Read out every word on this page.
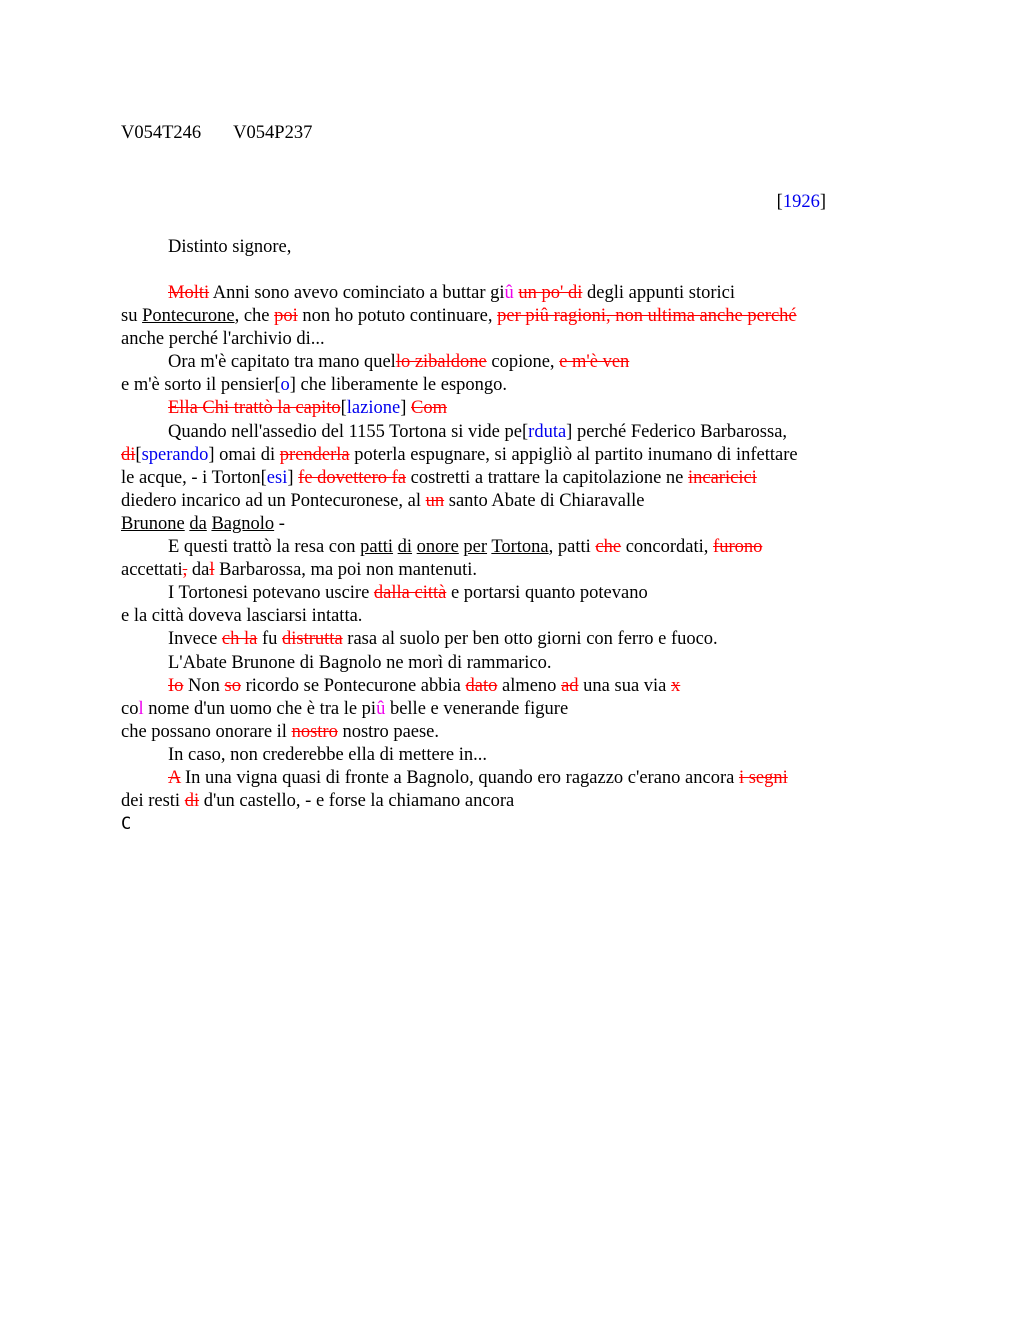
V054T246 V054P237
[1926]
Distinto signore,
Molti Anni sono avevo cominciato a buttar giû un po' di degli appunti storici
su Pontecurone, che poi non ho potuto continuare, per piû ragioni, non ultima anche perché
anche perché l'archivio di...
Ora m'è capitato tra mano quello zibaldone copione, e m'è ven
e m'è sorto il pensier[o] che liberamente le espongo.
Ella Chi trattò la capito[lazione] Com
Quando nell'assedio del 1155 Tortona si vide pe[rduta] perché Federico Barbarossa,
di[sperando] omai di prenderla poterla espugnare, si appigliò al partito inumano di infettare
le acque, - i Torton[esi] fe dovettero fa costretti a trattare la capitolazione ne incaricici
diedero incarico ad un Pontecuronese, al un santo Abate di Chiaravalle
Brunone da Bagnolo -
E questi trattò la resa con patti di onore per Tortona, patti che concordati, furono
accettati, dal Barbarossa, ma poi non mantenuti.
I Tortonesi potevano uscire dalla città e portarsi quanto potevano
e la città doveva lasciarsi intatta.
Invece ch la fu distrutta rasa al suolo per ben otto giorni con ferro e fuoco.
L'Abate Brunone di Bagnolo ne morì di rammarico.
Io Non so ricordo se Pontecurone abbia dato almeno ad una sua via x
col nome d'un uomo che è tra le piû belle e venerande figure
che possano onorare il nostro nostro paese.
In caso, non crederebbe ella di mettere in...
A In una vigna quasi di fronte a Bagnolo, quando ero ragazzo c'erano ancora i segni
dei resti di d'un castello, - e forse la chiamano ancora
C
